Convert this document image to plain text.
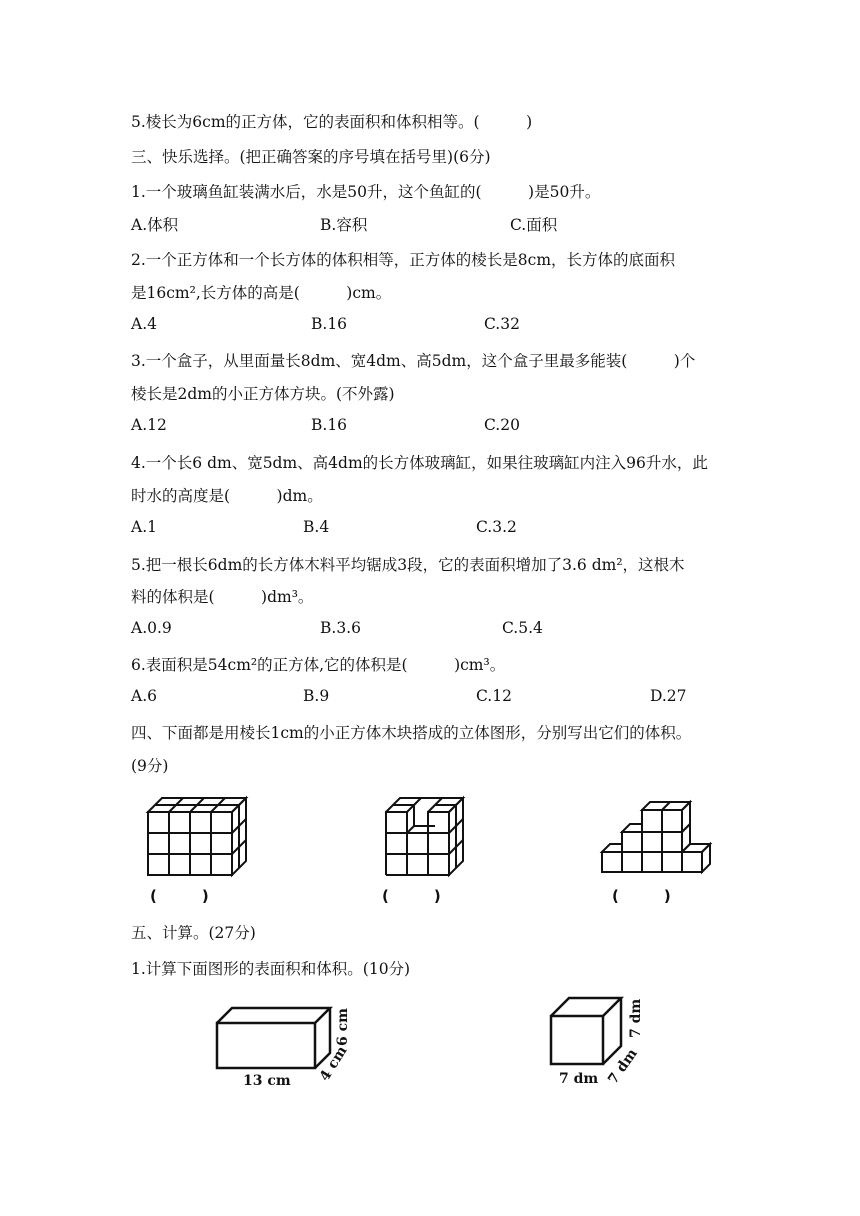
5.棱长为6cm的正方体，它的表面积和体积相等。(　　　)
三、快乐选择。(把正确答案的序号填在括号里)(6分)
1.一个玻璃鱼缸装满水后，水是50升，这个鱼缸的(　　　)是50升。
A.体积	B.容积	C.面积
2.一个正方体和一个长方体的体积相等，正方体的棱长是8cm，长方体的底面积
是16cm²,长方体的高是(　　　)cm。
A.4	B.16	C.32
3.一个盒子，从里面量长8dm、宽4dm、高5dm，这个盒子里最多能装(　　　)个
棱长是2dm的小正方体方块。(不外露)
A.12	B.16	C.20
4.一个长6 dm、宽5dm、高4dm的长方体玻璃缸，如果往玻璃缸内注入96升水，此
时水的高度是(　　　)dm。
A.1	B.4	C.3.2
5.把一根长6dm的长方体木料平均锯成3段，它的表面积增加了3.6 dm²，这根木
料的体积是(　　　)dm³。
A.0.9	B.3.6	C.5.4
6.表面积是54cm²的正方体,它的体积是(　　　)cm³。
A.6	B.9	C.12	D.27
四、下面都是用棱长1cm的小正方体木块搭成的立体图形，分别写出它们的体积。
(9分)
(　　　)	(　　　)	(　　　)
五、计算。(27分)
1.计算下面图形的表面积和体积。(10分)
13 cm 4 cm
6 cm
7 dm 7 dm
7 dm
